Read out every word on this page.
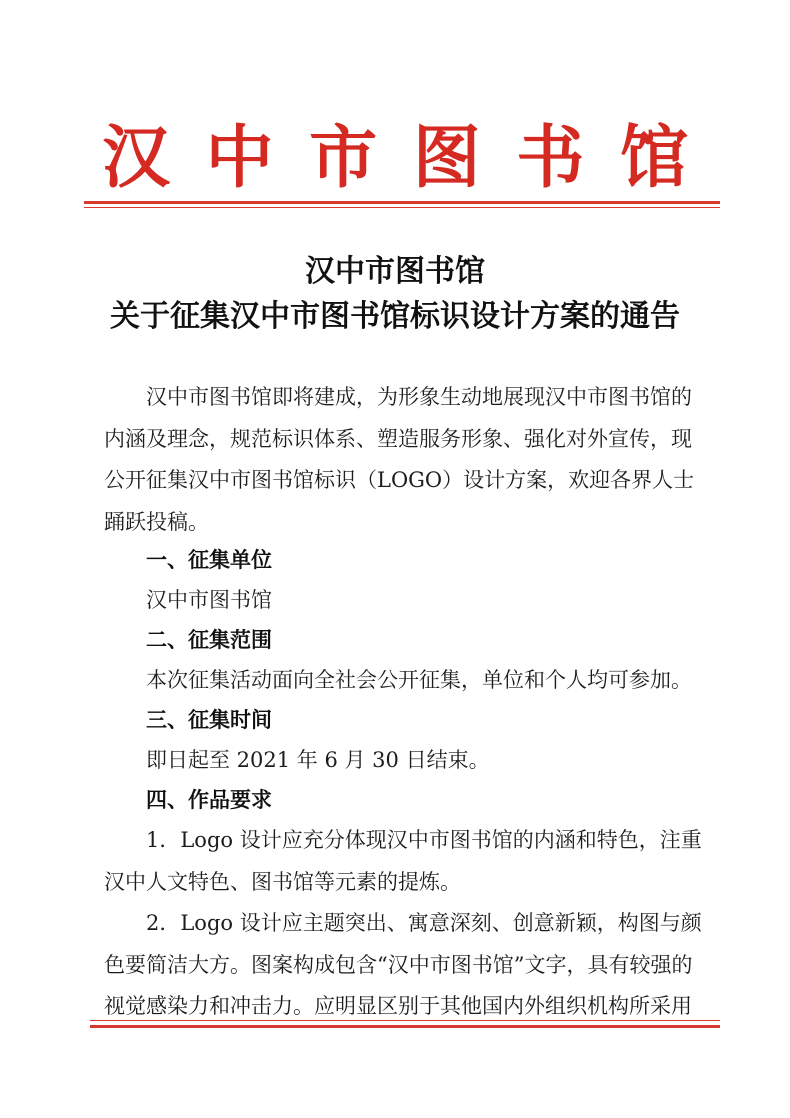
汉 中 市 图 书 馆
汉中市图书馆
关于征集汉中市图书馆标识设计方案的通告
汉中市图书馆即将建成，为形象生动地展现汉中市图书馆的
内涵及理念，规范标识体系、塑造服务形象、强化对外宣传，现
公开征集汉中市图书馆标识（LOGO）设计方案，欢迎各界人士
踊跃投稿。
一、征集单位
汉中市图书馆
二、征集范围
本次征集活动面向全社会公开征集，单位和个人均可参加。
三、征集时间
即日起至 2021 年 6 月 30 日结束。
四、作品要求
1．Logo 设计应充分体现汉中市图书馆的内涵和特色，注重
汉中人文特色、图书馆等元素的提炼。
2．Logo 设计应主题突出、寓意深刻、创意新颖，构图与颜
色要简洁大方。图案构成包含“汉中市图书馆”文字，具有较强的
视觉感染力和冲击力。应明显区别于其他国内外组织机构所采用
